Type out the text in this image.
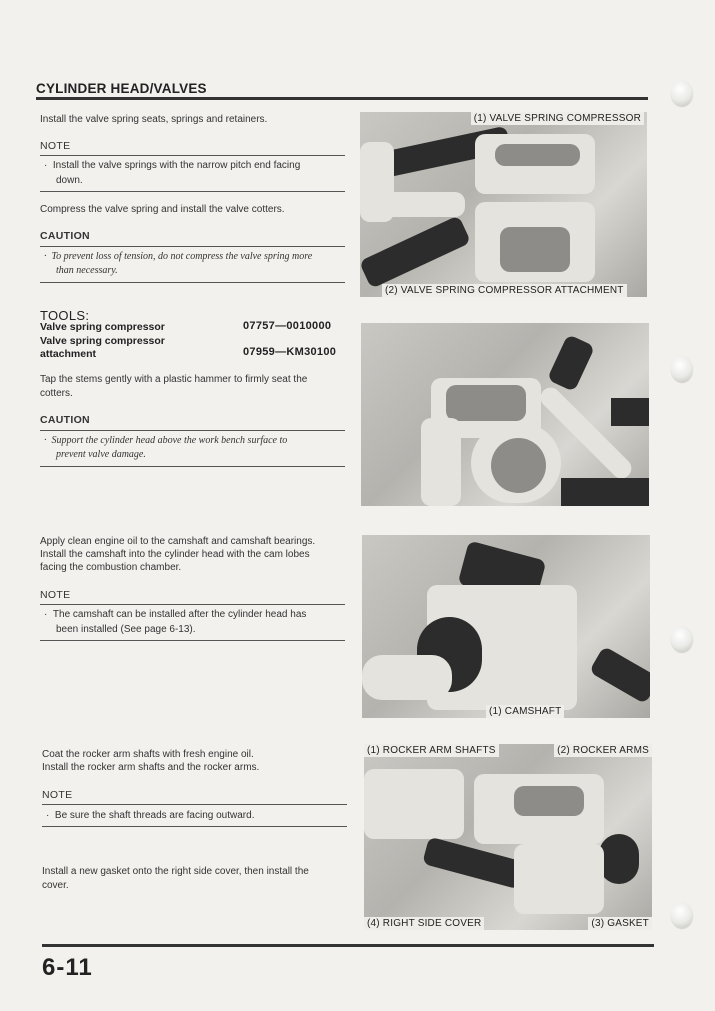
CYLINDER HEAD/VALVES
Install the valve spring seats, springs and retainers.
NOTE
· Install the valve springs with the narrow pitch end facing
down.
Compress the valve spring and install the valve cotters.
CAUTION
· To prevent loss of tension, do not compress the valve spring more
than necessary.
TOOLS:
Valve spring compressor	07757—0010000
Valve spring compressor
attachment	07959—KM30100
Tap the stems gently with a plastic hammer to firmly seat the
cotters.
CAUTION
· Support the cylinder head above the work bench surface to
prevent valve damage.
Apply clean engine oil to the camshaft and camshaft bearings.
Install the camshaft into the cylinder head with the cam lobes
facing the combustion chamber.
NOTE
· The camshaft can be installed after the cylinder head has
been installed (See page 6-13).
Coat the rocker arm shafts with fresh engine oil.
Install the rocker arm shafts and the rocker arms.
NOTE
· Be sure the shaft threads are facing outward.
Install a new gasket onto the right side cover, then install the
cover.
(1) VALVE SPRING COMPRESSOR
(2) VALVE SPRING COMPRESSOR ATTACHMENT
(1) CAMSHAFT
(1) ROCKER ARM SHAFTS	(2) ROCKER ARMS
(4) RIGHT SIDE COVER	(3) GASKET
6-11
